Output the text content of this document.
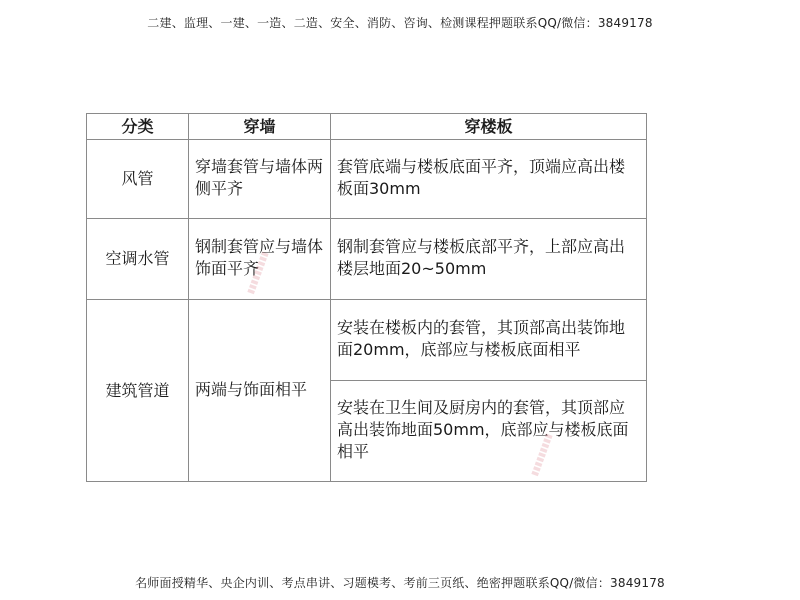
二建、监理、一建、一造、二造、安全、消防、咨询、检测课程押题联系QQ/微信：3849178
分类	穿墙	穿楼板
风管	穿墙套管与墙体两侧平齐	套管底端与楼板底面平齐，顶端应高出楼板面30mm
空调水管	钢制套管应与墙体饰面平齐	钢制套管应与楼板底部平齐，上部应高出楼层地面20~50mm
建筑管道	两端与饰面相平	安装在楼板内的套管，其顶部高出装饰地面20mm，底部应与楼板底面相平
		安装在卫生间及厨房内的套管，其顶部应高出装饰地面50mm，底部应与楼板底面相平
▮▮▮▮▮▮▮▮▮
▮▮▮▮▮▮▮▮▮
名师面授精华、央企内训、考点串讲、习题模考、考前三页纸、绝密押题联系QQ/微信：3849178
